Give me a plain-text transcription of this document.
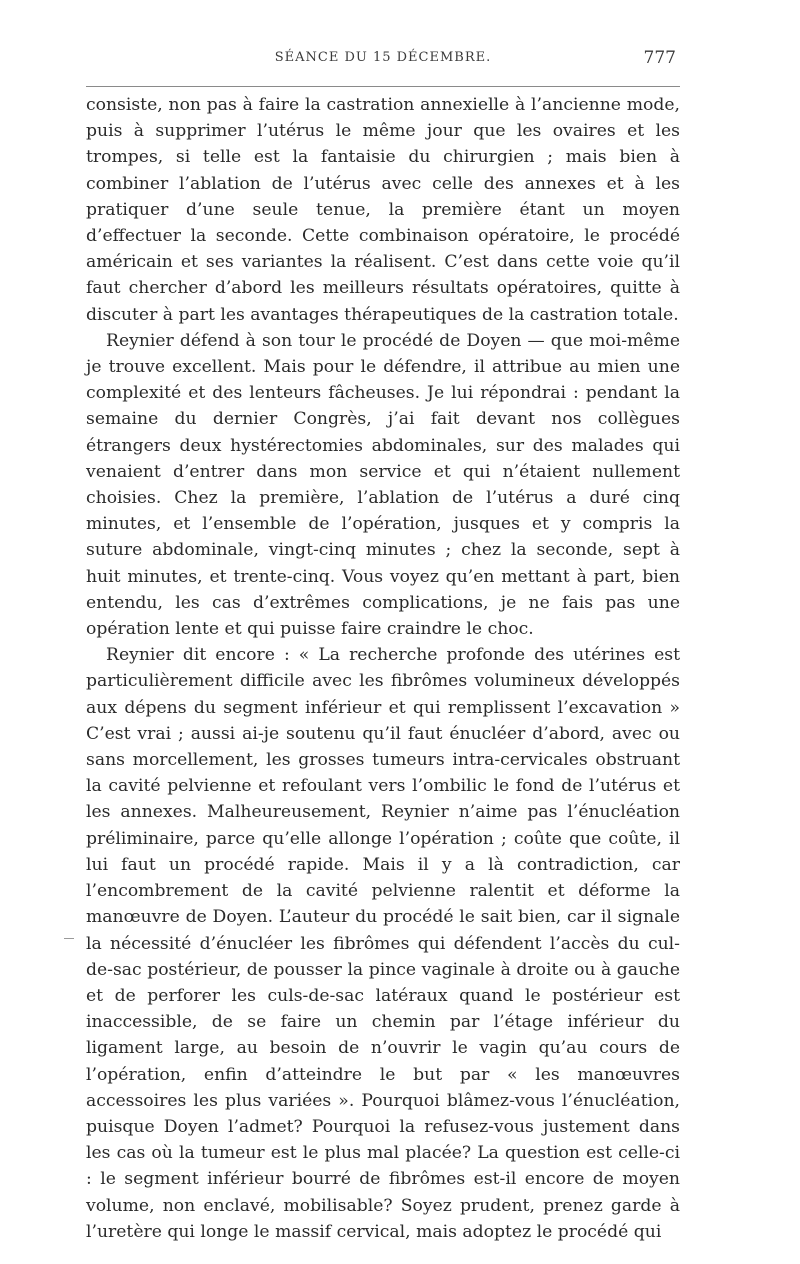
SÉANCE DU 15 DÉCEMBRE.	777

consiste, non pas à faire la castration annexielle à l’ancienne mode, puis à supprimer l’utérus le même jour que les ovaires et les trompes, si telle est la fantaisie du chirurgien ; mais bien à combiner l’ablation de l’utérus avec celle des annexes et à les pratiquer d’une seule tenue, la première étant un moyen d’effectuer la seconde. Cette combinaison opératoire, le procédé américain et ses variantes la réalisent. C’est dans cette voie qu’il faut chercher d’abord les meilleurs résultats opératoires, quitte à discuter à part les avantages thérapeutiques de la castration totale.

Reynier défend à son tour le procédé de Doyen — que moi-même je trouve excellent. Mais pour le défendre, il attribue au mien une complexité et des lenteurs fâcheuses. Je lui répondrai : pendant la semaine du dernier Congrès, j’ai fait devant nos collègues étrangers deux hystérectomies abdominales, sur des malades qui venaient d’entrer dans mon service et qui n’étaient nullement choisies. Chez la première, l’ablation de l’utérus a duré cinq minutes, et l’ensemble de l’opération, jusques et y compris la suture abdominale, vingt-cinq minutes ; chez la seconde, sept à huit minutes, et trente-cinq. Vous voyez qu’en mettant à part, bien entendu, les cas d’extrêmes complications, je ne fais pas une opération lente et qui puisse faire craindre le choc.

Reynier dit encore : « La recherche profonde des utérines est particulièrement difficile avec les fibrômes volumineux développés aux dépens du segment inférieur et qui remplissent l’excavation » C’est vrai ; aussi ai-je soutenu qu’il faut énucléer d’abord, avec ou sans morcellement, les grosses tumeurs intra-cervicales obstruant la cavité pelvienne et refoulant vers l’ombilic le fond de l’utérus et les annexes. Malheureusement, Reynier n’aime pas l’énucléation préliminaire, parce qu’elle allonge l’opération ; coûte que coûte, il lui faut un procédé rapide. Mais il y a là contradiction, car l’encombrement de la cavité pelvienne ralentit et déforme la manœuvre de Doyen. L’auteur du procédé le sait bien, car il signale la nécessité d’énucléer les fibrômes qui défendent l’accès du cul-de-sac postérieur, de pousser la pince vaginale à droite ou à gauche et de perforer les culs-de-sac latéraux quand le postérieur est inaccessible, de se faire un chemin par l’étage inférieur du ligament large, au besoin de n’ouvrir le vagin qu’au cours de l’opération, enfin d’atteindre le but par « les manœuvres accessoires les plus variées ». Pourquoi blâmez-vous l’énucléation, puisque Doyen l’admet? Pourquoi la refusez-vous justement dans les cas où la tumeur est le plus mal placée? La question est celle-ci : le segment inférieur bourré de fibrômes est-il encore de moyen volume, non enclavé, mobilisable? Soyez prudent, prenez garde à l’uretère qui longe le massif cervical, mais adoptez le procédé qui
